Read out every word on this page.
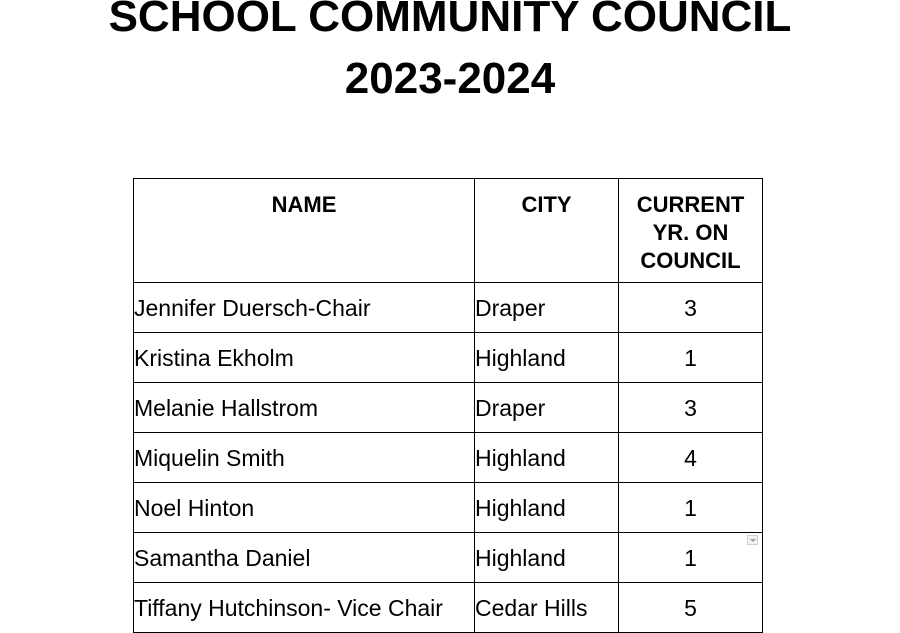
SCHOOL COMMUNITY COUNCIL
2023-2024
NAME	CITY	CURRENT
YR. ON
COUNCIL

Jennifer Duersch-Chair	Draper	3
Kristina Ekholm	Highland	1
Melanie Hallstrom	Draper	3
Miquelin Smith	Highland	4
Noel Hinton	Highland	1
Samantha Daniel	Highland	1
Tiffany Hutchinson- Vice Chair	Cedar Hills	5
